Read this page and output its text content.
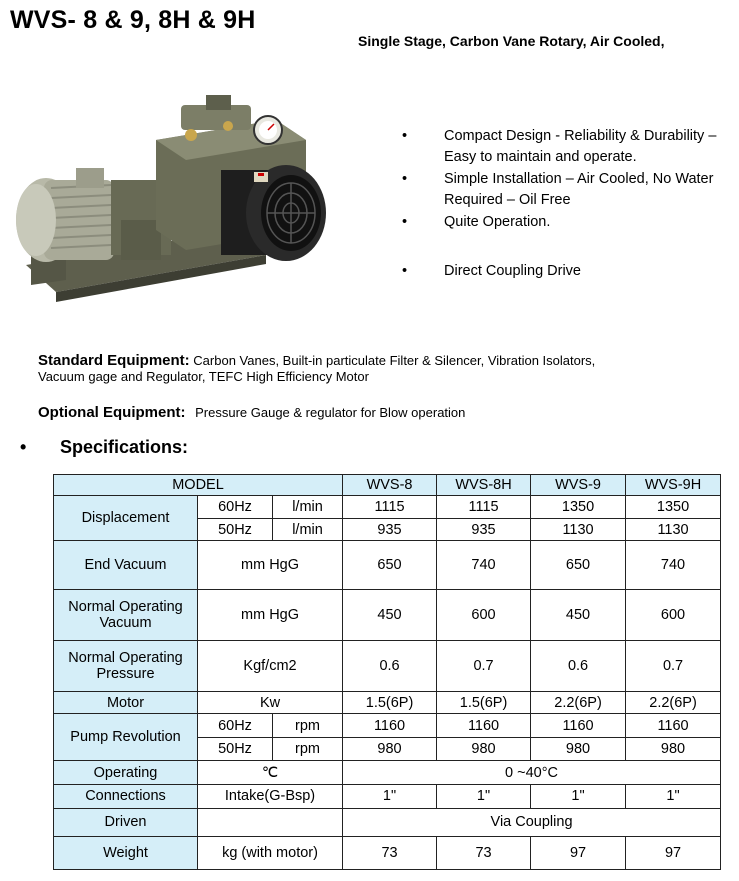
WVS- 8 & 9, 8H & 9H
Single Stage, Carbon Vane Rotary, Air Cooled,
•	Compact Design - Reliability & Durability – Easy to maintain and operate.
•	Simple Installation – Air Cooled, No Water Required – Oil Free
•	Quite Operation.
•	Direct Coupling Drive
Standard Equipment: Carbon Vanes, Built-in particulate Filter & Silencer, Vibration Isolators,
Vacuum gage and Regulator, TEFC High Efficiency Motor
Optional Equipment: Pressure Gauge & regulator for Blow operation
• Specifications:
MODEL			WVS-8	WVS-8H	WVS-9	WVS-9H
Displacement	60Hz	l/min	1115	1115	1350	1350
	50Hz	l/min	935	935	1130	1130
End Vacuum	mm HgG		650	740	650	740
Normal Operating
Vacuum	mm HgG		450	600	450	600
Normal Operating
Pressure	Kgf/cm2		0.6	0.7	0.6	0.7
Motor	Kw		1.5(6P)	1.5(6P)	2.2(6P)	2.2(6P)
Pump Revolution	60Hz	rpm	1160	1160	1160	1160
	50Hz	rpm	980	980	980	980
Operating	℃		0 ~40°C			
Connections	Intake(G-Bsp)		1"	1"	1"	1"
Driven			Via Coupling			
Weight	kg (with motor)		73	73	97	97
